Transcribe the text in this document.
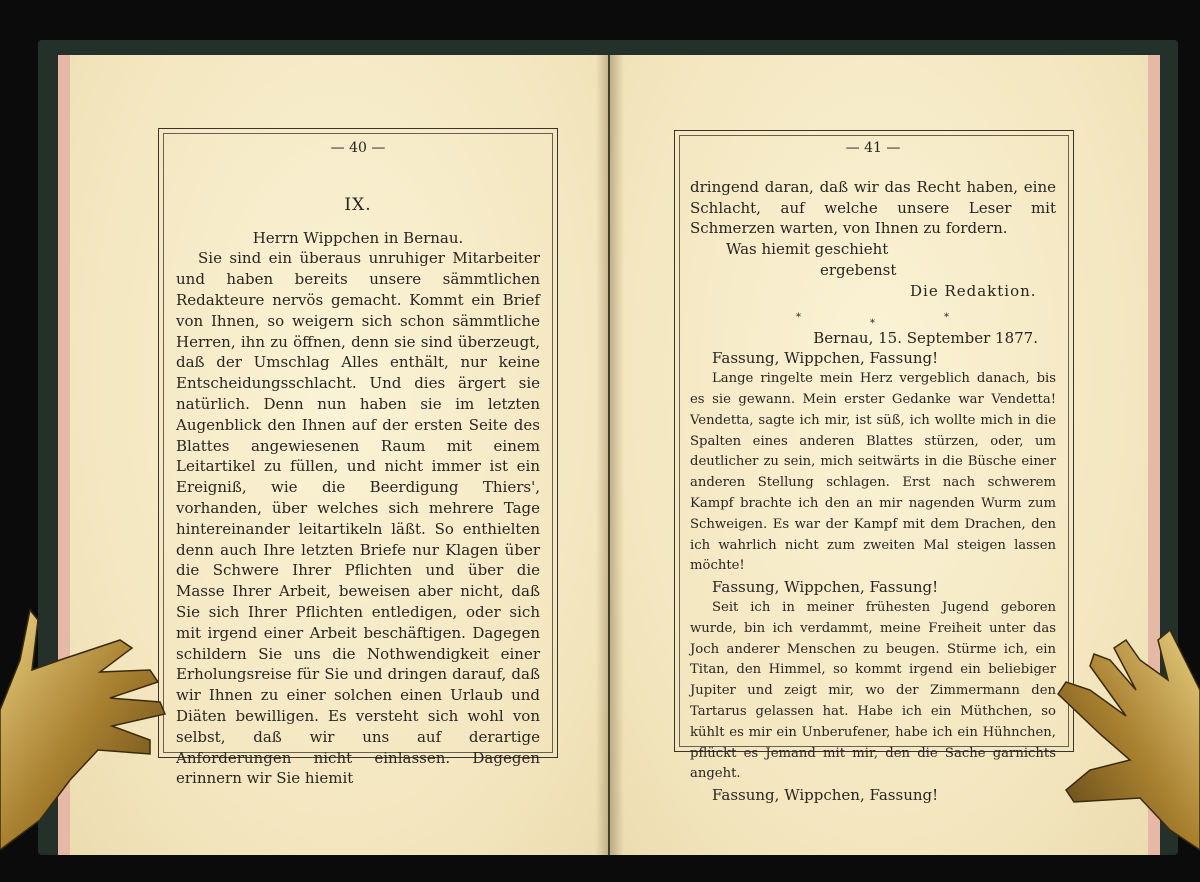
— 40 —
IX.
Herrn Wippchen in Bernau.

Sie sind ein überaus unruhiger Mitarbeiter und haben bereits unsere sämmtlichen Redakteure nervös gemacht. Kommt ein Brief von Ihnen, so weigern sich schon sämmtliche Herren, ihn zu öffnen, denn sie sind überzeugt, daß der Umschlag Alles enthält, nur keine Entscheidungsschlacht. Und dies ärgert sie natürlich. Denn nun haben sie im letzten Augenblick den Ihnen auf der ersten Seite des Blattes angewiesenen Raum mit einem Leitartikel zu füllen, und nicht immer ist ein Ereigniß, wie die Beerdigung Thiers', vorhanden, über welches sich mehrere Tage hintereinander leitartikeln läßt. So enthielten denn auch Ihre letzten Briefe nur Klagen über die Schwere Ihrer Pflichten und über die Masse Ihrer Arbeit, beweisen aber nicht, daß Sie sich Ihrer Pflichten entledigen, oder sich mit irgend einer Arbeit beschäftigen. Dagegen schildern Sie uns die Nothwendigkeit einer Erholungsreise für Sie und dringen darauf, daß wir Ihnen zu einer solchen einen Urlaub und Diäten bewilligen. Es versteht sich wohl von selbst, daß wir uns auf derartige Anforderungen nicht einlassen. Dagegen erinnern wir Sie hiemit

— 41 —

dringend daran, daß wir das Recht haben, eine Schlacht, auf welche unsere Leser mit Schmerzen warten, von Ihnen zu fordern.

Was hiemit geschieht
ergebenst
Die Redaktion.
*
*
*
Bernau, 15. September 1877.

Fassung, Wippchen, Fassung!

Lange ringelte mein Herz vergeblich danach, bis es sie gewann. Mein erster Gedanke war Vendetta! Vendetta, sagte ich mir, ist süß, ich wollte mich in die Spalten eines anderen Blattes stürzen, oder, um deutlicher zu sein, mich seitwärts in die Büsche einer anderen Stellung schlagen. Erst nach schwerem Kampf brachte ich den an mir nagenden Wurm zum Schweigen. Es war der Kampf mit dem Drachen, den ich wahrlich nicht zum zweiten Mal steigen lassen möchte!

Fassung, Wippchen, Fassung!

Seit ich in meiner frühesten Jugend geboren wurde, bin ich verdammt, meine Freiheit unter das Joch anderer Menschen zu beugen. Stürme ich, ein Titan, den Himmel, so kommt irgend ein beliebiger Jupiter und zeigt mir, wo der Zimmermann den Tartarus gelassen hat. Habe ich ein Müthchen, so kühlt es mir ein Unberufener, habe ich ein Hühnchen, pflückt es Jemand mit mir, den die Sache garnichts angeht.

Fassung, Wippchen, Fassung!
